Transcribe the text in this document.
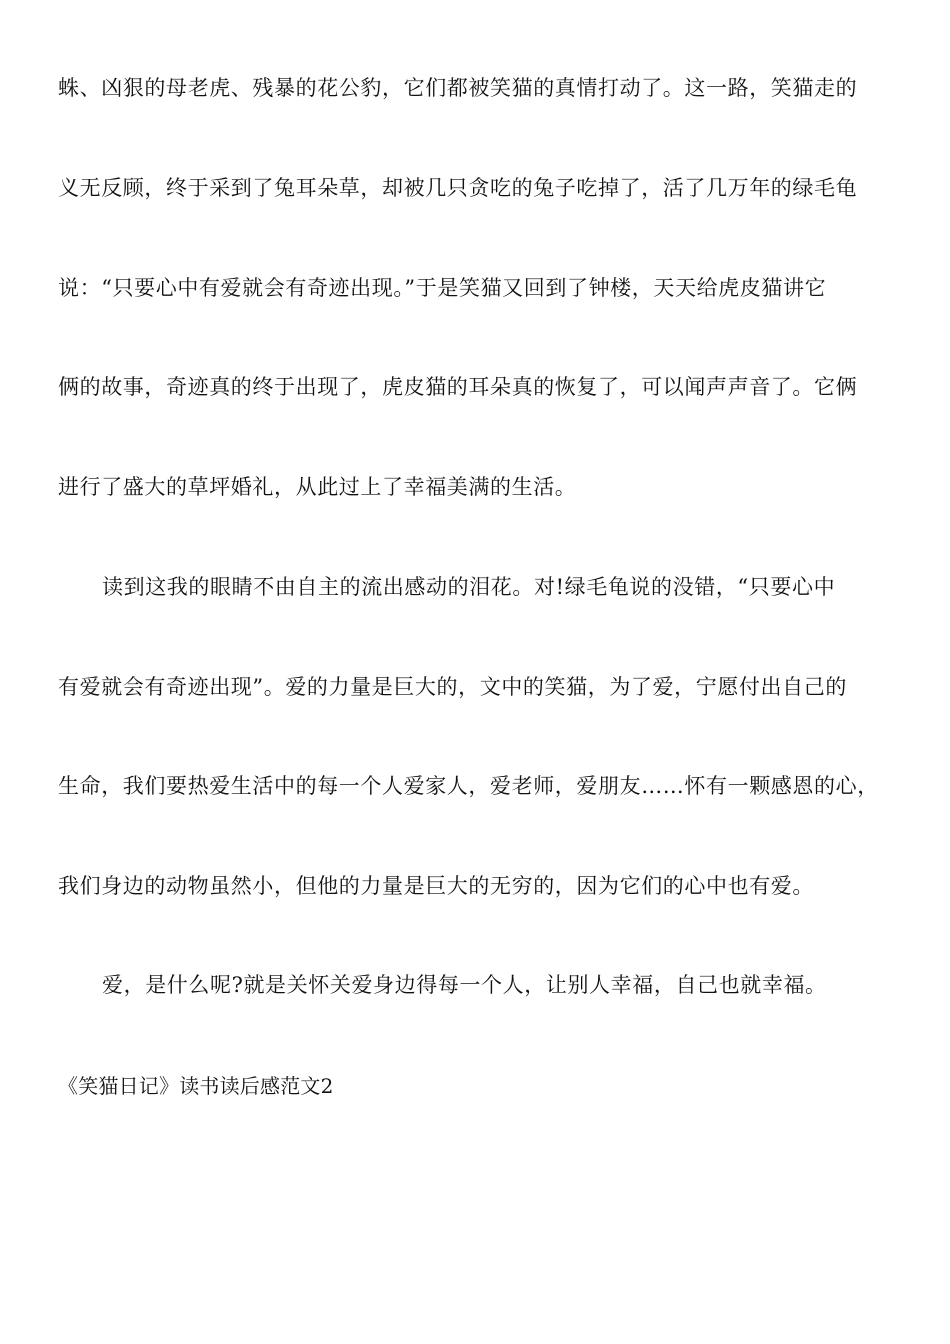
蛛、凶狠的母老虎、残暴的花公豹，它们都被笑猫的真情打动了。这一路，笑猫走的
义无反顾，终于采到了兔耳朵草，却被几只贪吃的兔子吃掉了，活了几万年的绿毛龟
说：“只要心中有爱就会有奇迹出现。”于是笑猫又回到了钟楼，天天给虎皮猫讲它
俩的故事，奇迹真的终于出现了，虎皮猫的耳朵真的恢复了，可以闻声声音了。它俩
进行了盛大的草坪婚礼，从此过上了幸福美满的生活。
读到这我的眼睛不由自主的流出感动的泪花。对!绿毛龟说的没错，“只要心中
有爱就会有奇迹出现”。爱的力量是巨大的，文中的笑猫，为了爱，宁愿付出自己的
生命，我们要热爱生活中的每一个人爱家人，爱老师，爱朋友……怀有一颗感恩的心，
我们身边的动物虽然小，但他的力量是巨大的无穷的，因为它们的心中也有爱。
爱，是什么呢?就是关怀关爱身边得每一个人，让别人幸福，自己也就幸福。
《笑猫日记》读书读后感范文2
